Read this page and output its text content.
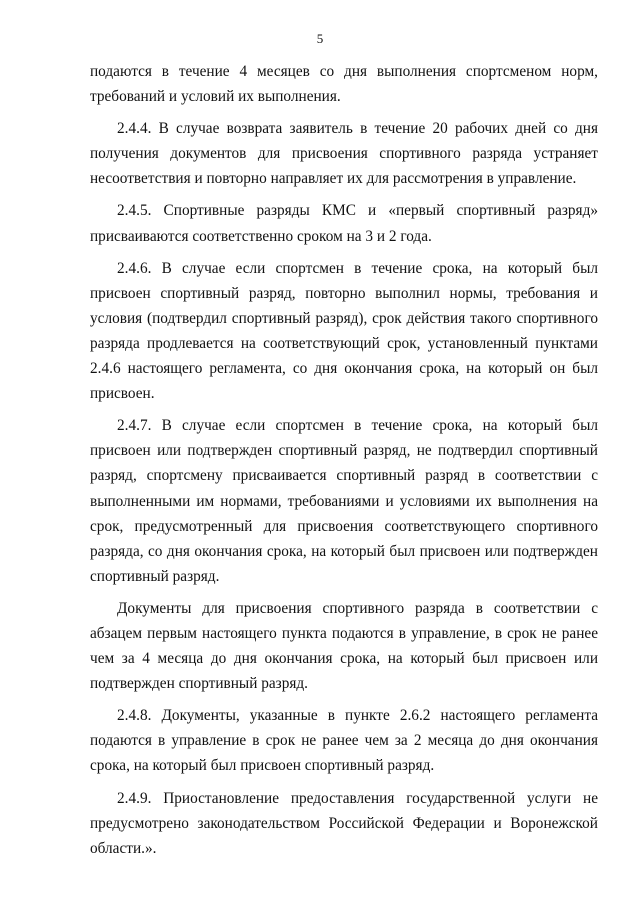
5

подаются в течение 4 месяцев со дня выполнения спортсменом норм, требований и условий их выполнения.

2.4.4. В случае возврата заявитель в течение 20 рабочих дней со дня получения документов для присвоения спортивного разряда устраняет несоответствия и повторно направляет их для рассмотрения в управление.

2.4.5. Спортивные разряды КМС и «первый спортивный разряд» присваиваются соответственно сроком на 3 и 2 года.

2.4.6. В случае если спортсмен в течение срока, на который был присвоен спортивный разряд, повторно выполнил нормы, требования и условия (подтвердил спортивный разряд), срок действия такого спортивного разряда продлевается на соответствующий срок, установленный пунктами 2.4.6 настоящего регламента, со дня окончания срока, на который он был присвоен.

2.4.7. В случае если спортсмен в течение срока, на который был присвоен или подтвержден спортивный разряд, не подтвердил спортивный разряд, спортсмену присваивается спортивный разряд в соответствии с выполненными им нормами, требованиями и условиями их выполнения на срок, предусмотренный для присвоения соответствующего спортивного разряда, со дня окончания срока, на который был присвоен или подтвержден спортивный разряд.

Документы для присвоения спортивного разряда в соответствии с абзацем первым настоящего пункта подаются в управление, в срок не ранее чем за 4 месяца до дня окончания срока, на который был присвоен или подтвержден спортивный разряд.

2.4.8. Документы, указанные в пункте 2.6.2 настоящего регламента подаются в управление в срок не ранее чем за 2 месяца до дня окончания срока, на который был присвоен спортивный разряд.

2.4.9. Приостановление предоставления государственной услуги не предусмотрено законодательством Российской Федерации и Воронежской области.».
